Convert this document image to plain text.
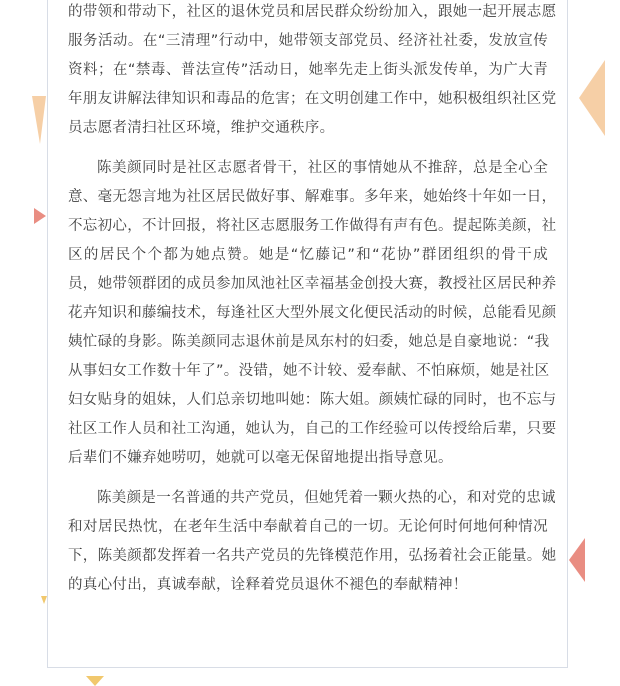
的带领和带动下，社区的退休党员和居民群众纷纷加入，跟她一起开展志愿
服务活动。在“三清理”行动中，她带领支部党员、经济社社委，发放宣传
资料；在“禁毒、普法宣传”活动日，她率先走上街头派发传单，为广大青
年朋友讲解法律知识和毒品的危害；在文明创建工作中，她积极组织社区党
员志愿者清扫社区环境，维护交通秩序。
陈美颜同时是社区志愿者骨干，社区的事情她从不推辞，总是全心全
意、毫无怨言地为社区居民做好事、解难事。多年来，她始终十年如一日，
不忘初心，不计回报，将社区志愿服务工作做得有声有色。提起陈美颜，社
区的居民个个都为她点赞。她是“忆藤记”和“花协”群团组织的骨干成
员，她带领群团的成员参加凤池社区幸福基金创投大赛，教授社区居民种养
花卉知识和藤编技术，每逢社区大型外展文化便民活动的时候，总能看见颜
姨忙碌的身影。陈美颜同志退休前是凤东村的妇委，她总是自豪地说：“我
从事妇女工作数十年了”。没错，她不计较、爱奉献、不怕麻烦，她是社区
妇女贴身的姐妹，人们总亲切地叫她：陈大姐。颜姨忙碌的同时，也不忘与
社区工作人员和社工沟通，她认为，自己的工作经验可以传授给后辈，只要
后辈们不嫌弃她唠叨，她就可以毫无保留地提出指导意见。
陈美颜是一名普通的共产党员，但她凭着一颗火热的心，和对党的忠诚
和对居民热忱，在老年生活中奉献着自己的一切。无论何时何地何种情况
下，陈美颜都发挥着一名共产党员的先锋模范作用，弘扬着社会正能量。她
的真心付出，真诚奉献，诠释着党员退休不褪色的奉献精神！
